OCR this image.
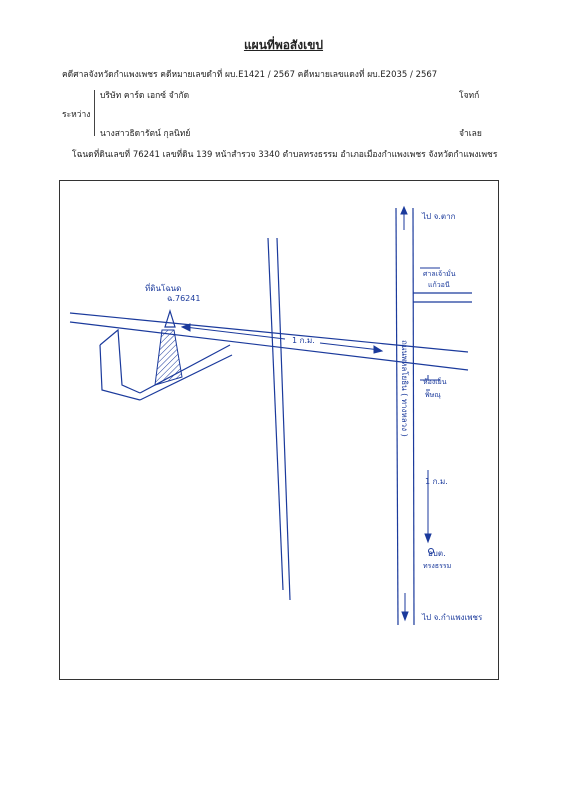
แผนที่พอสังเขป
คดีศาลจังหวัดกำแพงเพชร คดีหมายเลขดำที่ ผบ.E1421 / 2567 คดีหมายเลขแดงที่ ผบ.E2035 / 2567
บริษัท คาร์ด เอกซ์ จำกัด	โจทก์
ระหว่าง
นางสาวธิดารัตน์ กุลนิทย์	จำเลย
โฉนดที่ดินเลขที่ 76241 เลขที่ดิน 139 หน้าสำรวจ 3340 ตำบลทรงธรรม อำเภอเมืองกำแพงเพชร จังหวัดกำแพงเพชร
ที่ดินโฉนด
ฉ.76241
1 ก.ม.
ไป จ.ตาก
ศาลเจ้ามั่น
แก้วอนี
ห้องเย็น
พิษณุ
1 ก.ม.
อบต.
ทรงธรรม
ไป จ.กำแพงเพชร
ถนนพหลโยธิน ( ทางหลวง )
